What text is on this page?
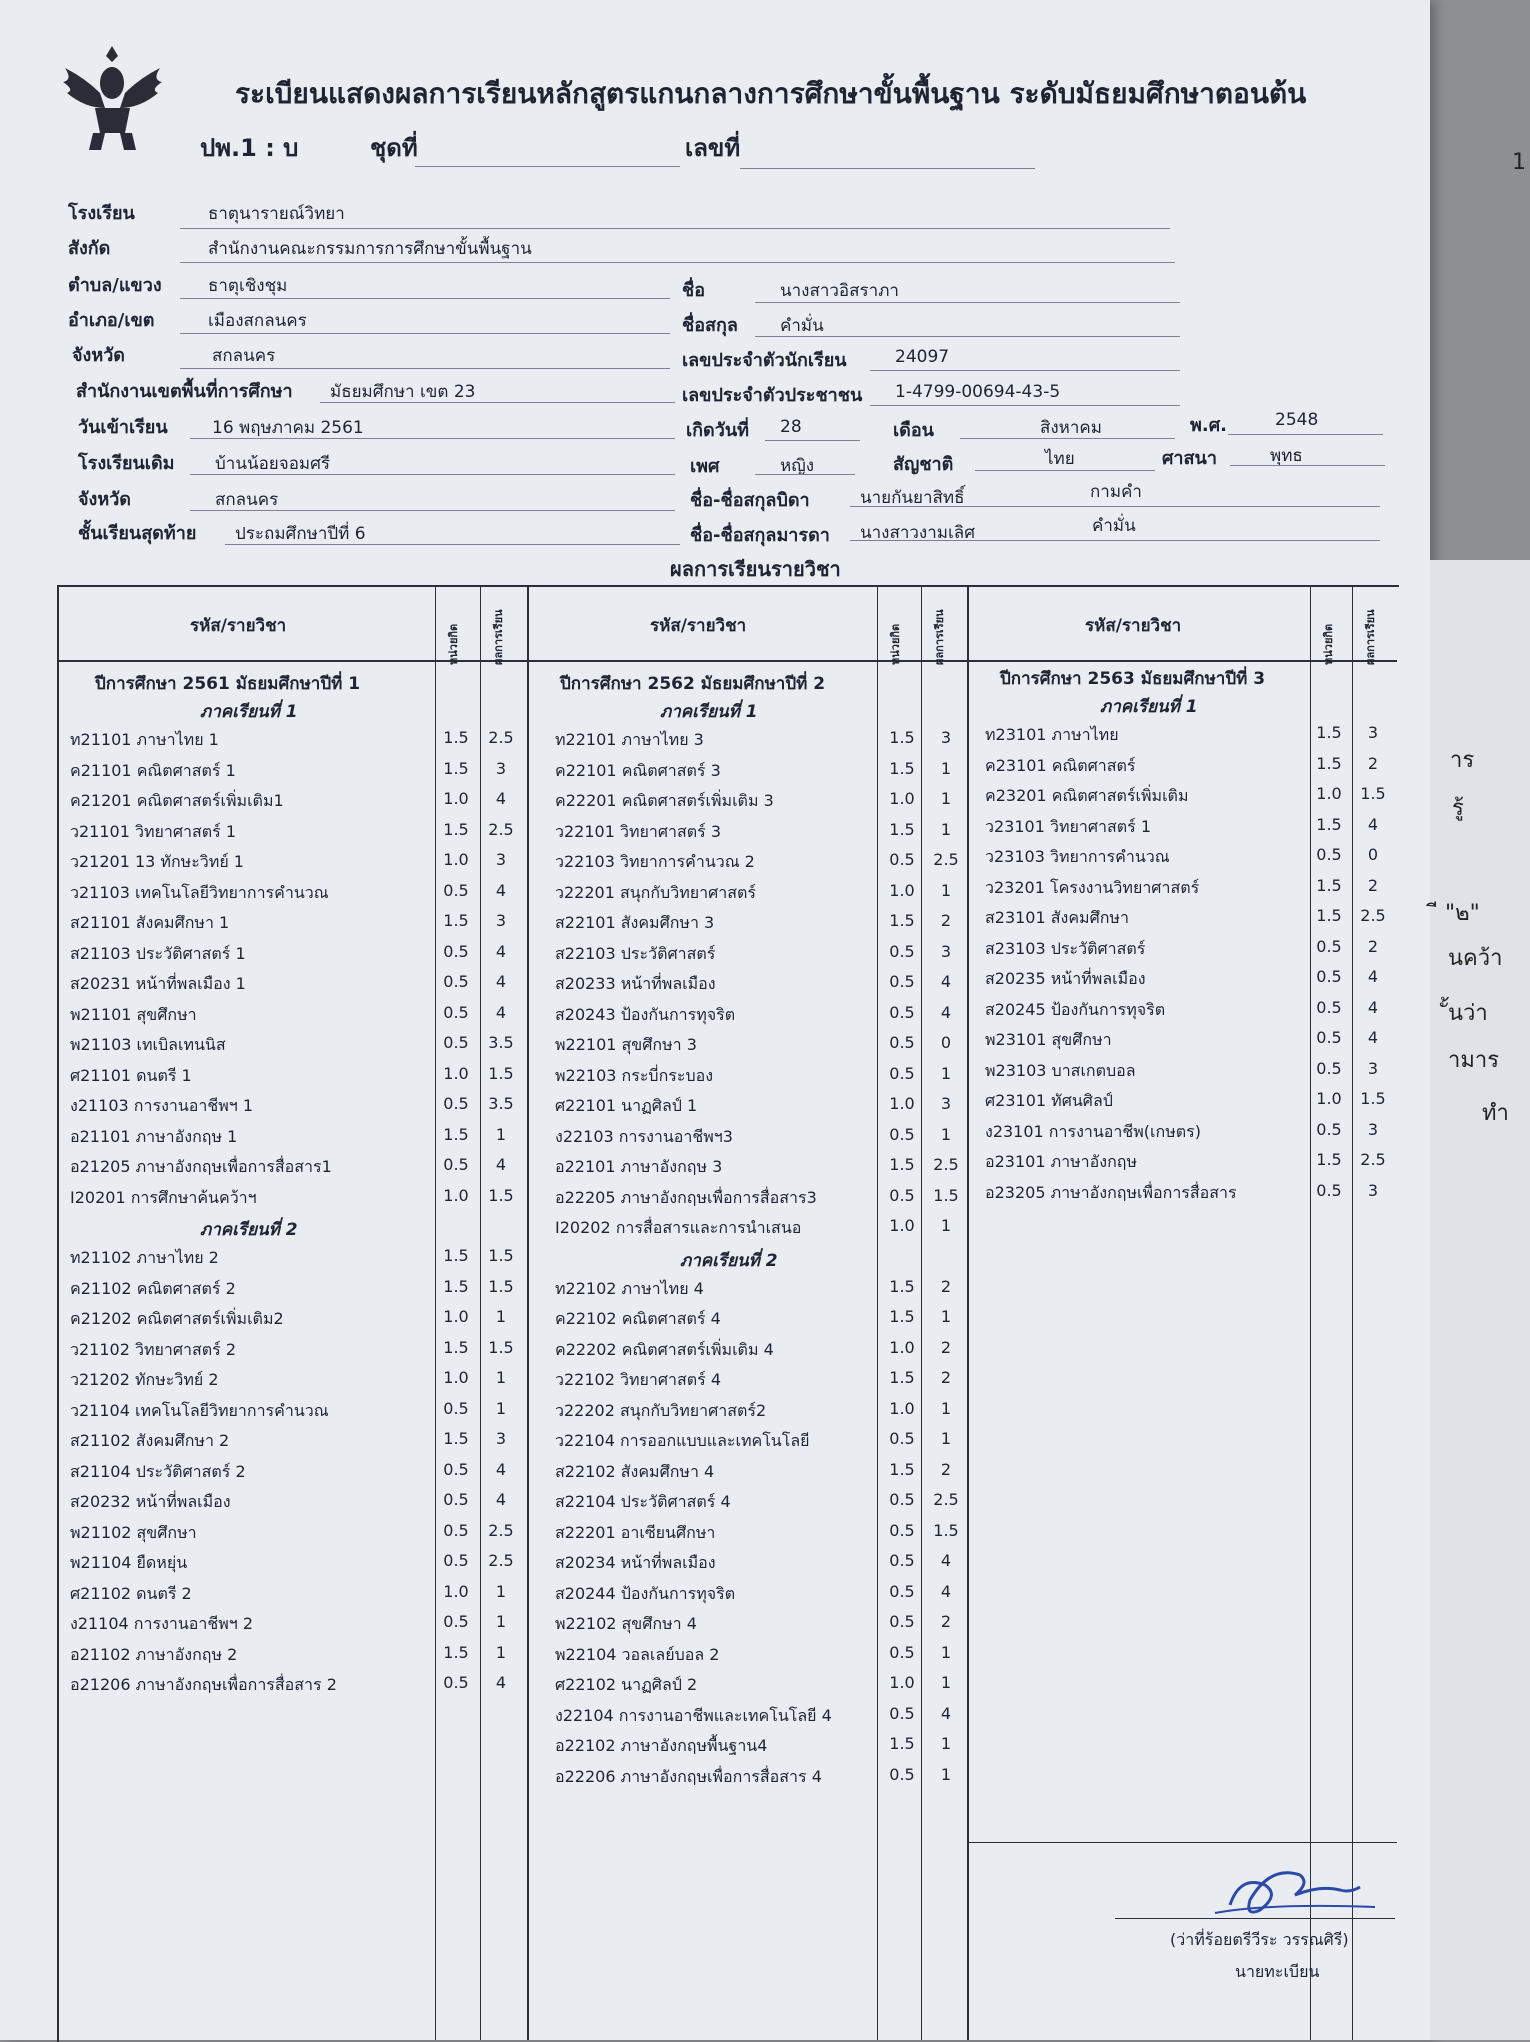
ระเบียนแสดงผลการเรียนหลักสูตรแกนกลางการศึกษาขั้นพื้นฐาน ระดับมัธยมศึกษาตอนต้น
ปพ.1 : บ	ชุดที่	เลขที่
โรงเรียน	ธาตุนารายณ์วิทยา
สังกัด	สำนักงานคณะกรรมการการศึกษาขั้นพื้นฐาน
ตำบล/แขวง	ธาตุเชิงชุม
อำเภอ/เขต	เมืองสกลนคร
จังหวัด	สกลนคร
สำนักงานเขตพื้นที่การศึกษา มัธยมศึกษา เขต 23
วันเข้าเรียน	16 พฤษภาคม 2561
โรงเรียนเดิม บ้านน้อยจอมศรี
จังหวัด	สกลนคร
ชั้นเรียนสุดท้าย ประถมศึกษาปีที่ 6
ชื่อ	นางสาวอิสราภา
ชื่อสกุล คำมั่น
เลขประจำตัวนักเรียน	24097
เลขประจำตัวประชาชน 1-4799-00694-43-5
เกิดวันที่ 28	เดือน	สิงหาคม	พ.ศ.	2548
เพศ	หญิง	สัญชาติ	ไทย	ศาสนา	พุทธ
ชื่อ-ชื่อสกุลบิดา	นายกันยาสิทธิ์	กามคำ
ชื่อ-ชื่อสกุลมารดา นางสาวงามเลิศ	คำมั่น
ผลการเรียนรายวิชา
รหัส/รายวิชา	หน่วยกิต	ผลการเรียน	รหัส/รายวิชา	หน่วยกิต	ผลการเรียน	รหัส/รายวิชา	หน่วยกิต	ผลการเรียน
ปีการศึกษา 2561 มัธยมศึกษาปีที่ 1
ภาคเรียนที่ 1
ท21101 ภาษาไทย 1	1.5 2.5
ค21101 คณิตศาสตร์ 1	1.5	3
ค21201 คณิตศาสตร์เพิ่มเติม1	1.0	4
ว21101 วิทยาศาสตร์ 1	1.5 2.5
ว21201 13 ทักษะวิทย์ 1	1.0	3
ว21103 เทคโนโลยีวิทยาการคำนวณ	0.5	4
ส21101 สังคมศึกษา 1	1.5	3
ส21103 ประวัติศาสตร์ 1	0.5	4
ส20231 หน้าที่พลเมือง 1	0.5	4
พ21101 สุขศึกษา	0.5	4
พ21103 เทเบิลเทนนิส	0.5 3.5
ศ21101 ดนตรี 1	1.0 1.5
ง21103 การงานอาชีพฯ 1	0.5 3.5
อ21101 ภาษาอังกฤษ 1	1.5	1
อ21205 ภาษาอังกฤษเพื่อการสื่อสาร1	0.5	4
I20201 การศึกษาค้นคว้าฯ	1.0 1.5
ภาคเรียนที่ 2
ท21102 ภาษาไทย 2	1.5 1.5
ค21102 คณิตศาสตร์ 2	1.5 1.5
ค21202 คณิตศาสตร์เพิ่มเติม2	1.0	1
ว21102 วิทยาศาสตร์ 2	1.5 1.5
ว21202 ทักษะวิทย์ 2	1.0	1
ว21104 เทคโนโลยีวิทยาการคำนวณ	0.5	1
ส21102 สังคมศึกษา 2	1.5	3
ส21104 ประวัติศาสตร์ 2	0.5	4
ส20232 หน้าที่พลเมือง	0.5	4
พ21102 สุขศึกษา	0.5 2.5
พ21104 ยืดหยุ่น	0.5 2.5
ศ21102 ดนตรี 2	1.0	1
ง21104 การงานอาชีพฯ 2	0.5	1
อ21102 ภาษาอังกฤษ 2	1.5	1
อ21206 ภาษาอังกฤษเพื่อการสื่อสาร 2	0.5	4
ปีการศึกษา 2562 มัธยมศึกษาปีที่ 2
ภาคเรียนที่ 1
ท22101 ภาษาไทย 3	1.5	3
ค22101 คณิตศาสตร์ 3	1.5	1
ค22201 คณิตศาสตร์เพิ่มเติม 3	1.0	1
ว22101 วิทยาศาสตร์ 3	1.5	1
ว22103 วิทยาการคำนวณ 2	0.5 2.5
ว22201 สนุกกับวิทยาศาสตร์	1.0	1
ส22101 สังคมศึกษา 3	1.5	2
ส22103 ประวัติศาสตร์	0.5	3
ส20233 หน้าที่พลเมือง	0.5	4
ส20243 ป้องกันการทุจริต	0.5	4
พ22101 สุขศึกษา 3	0.5	0
พ22103 กระบี่กระบอง	0.5	1
ศ22101 นาฏศิลป์ 1	1.0	3
ง22103 การงานอาชีพฯ3	0.5	1
อ22101 ภาษาอังกฤษ 3	1.5 2.5
อ22205 ภาษาอังกฤษเพื่อการสื่อสาร3	0.5 1.5
I20202 การสื่อสารและการนำเสนอ	1.0	1
ภาคเรียนที่ 2
ท22102 ภาษาไทย 4	1.5	2
ค22102 คณิตศาสตร์ 4	1.5	1
ค22202 คณิตศาสตร์เพิ่มเติม 4	1.0	2
ว22102 วิทยาศาสตร์ 4	1.5	2
ว22202 สนุกกับวิทยาศาสตร์2	1.0	1
ว22104 การออกแบบและเทคโนโลยี	0.5	1
ส22102 สังคมศึกษา 4	1.5	2
ส22104 ประวัติศาสตร์ 4	0.5 2.5
ส22201 อาเซียนศึกษา	0.5 1.5
ส20234 หน้าที่พลเมือง	0.5	4
ส20244 ป้องกันการทุจริต	0.5	4
พ22102 สุขศึกษา 4	0.5	2
พ22104 วอลเลย์บอล 2	0.5	1
ศ22102 นาฏศิลป์ 2	1.0	1
ง22104 การงานอาชีพและเทคโนโลยี 4	0.5	4
อ22102 ภาษาอังกฤษพื้นฐาน4	1.5	1
อ22206 ภาษาอังกฤษเพื่อการสื่อสาร 4	0.5	1
ปีการศึกษา 2563 มัธยมศึกษาปีที่ 3
ภาคเรียนที่ 1
ท23101 ภาษาไทย	1.5	3
ค23101 คณิตศาสตร์	1.5	2
ค23201 คณิตศาสตร์เพิ่มเติม	1.0 1.5
ว23101 วิทยาศาสตร์ 1	1.5	4
ว23103 วิทยาการคำนวณ	0.5	0
ว23201 โครงงานวิทยาศาสตร์	1.5	2
ส23101 สังคมศึกษา	1.5 2.5
ส23103 ประวัติศาสตร์	0.5	2
ส20235 หน้าที่พลเมือง	0.5	4
ส20245 ป้องกันการทุจริต	0.5	4
พ23101 สุขศึกษา	0.5	4
พ23103 บาสเกตบอล	0.5	3
ศ23101 ทัศนศิลป์	1.0 1.5
ง23101 การงานอาชีพ(เกษตร)	0.5	3
อ23101 ภาษาอังกฤษ	1.5 2.5
อ23205 ภาษาอังกฤษเพื่อการสื่อสาร	0.5	3
(ว่าที่ร้อยตรีวีระ วรรณศิรี)
นายทะเบียน
1
าร
รู้
ี "๒"
นคว้า
ั้นว่า
ามาร
ทำ
